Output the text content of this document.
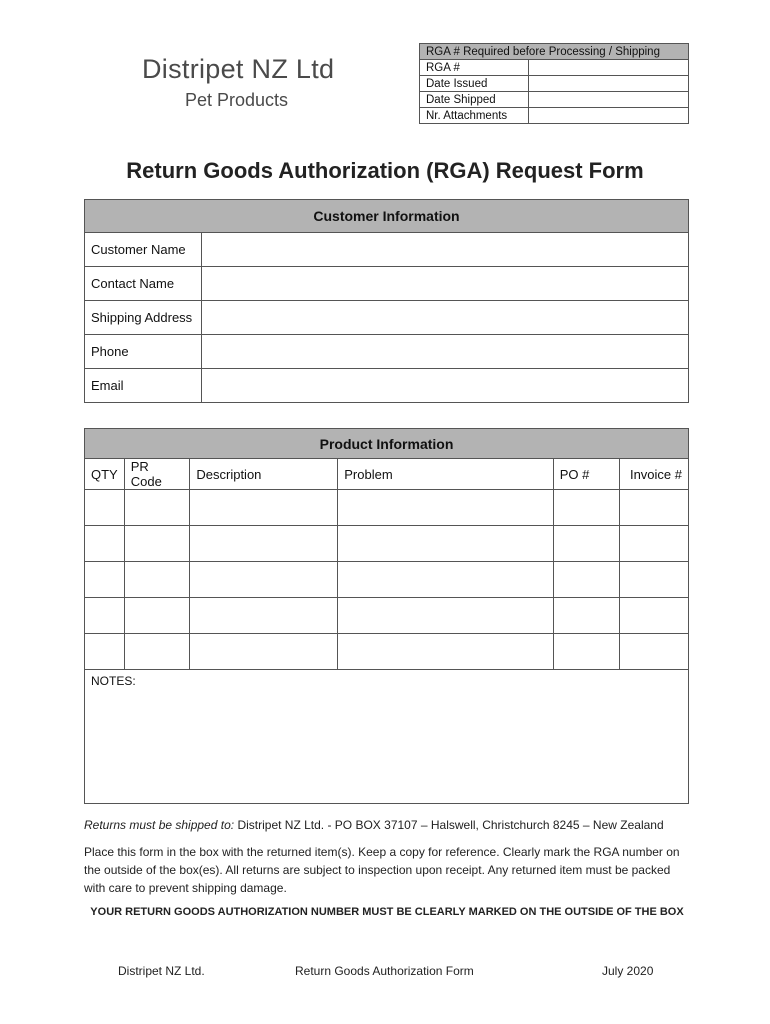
Distripet NZ Ltd
Pet Products
RGA # Required before Processing / Shipping	
RGA #	
Date Issued	
Date Shipped	
Nr. Attachments	
Return Goods Authorization (RGA) Request Form
Customer Information	
Customer Name	
Contact Name	
Shipping Address	
Phone	
Email	
Product Information					
QTY	PR Code	Description	Problem	PO #	Invoice #

NOTES:					
Returns must be shipped to: Distripet NZ Ltd. - PO BOX 37107 – Halswell, Christchurch 8245 – New Zealand
Place this form in the box with the returned item(s). Keep a copy for reference. Clearly mark the RGA number on the outside of the box(es). All returns are subject to inspection upon receipt. Any returned item must be packed with care to prevent shipping damage.
YOUR RETURN GOODS AUTHORIZATION NUMBER MUST BE CLEARLY MARKED ON THE OUTSIDE OF THE BOX
Distripet NZ Ltd.	Return Goods Authorization Form	July 2020
